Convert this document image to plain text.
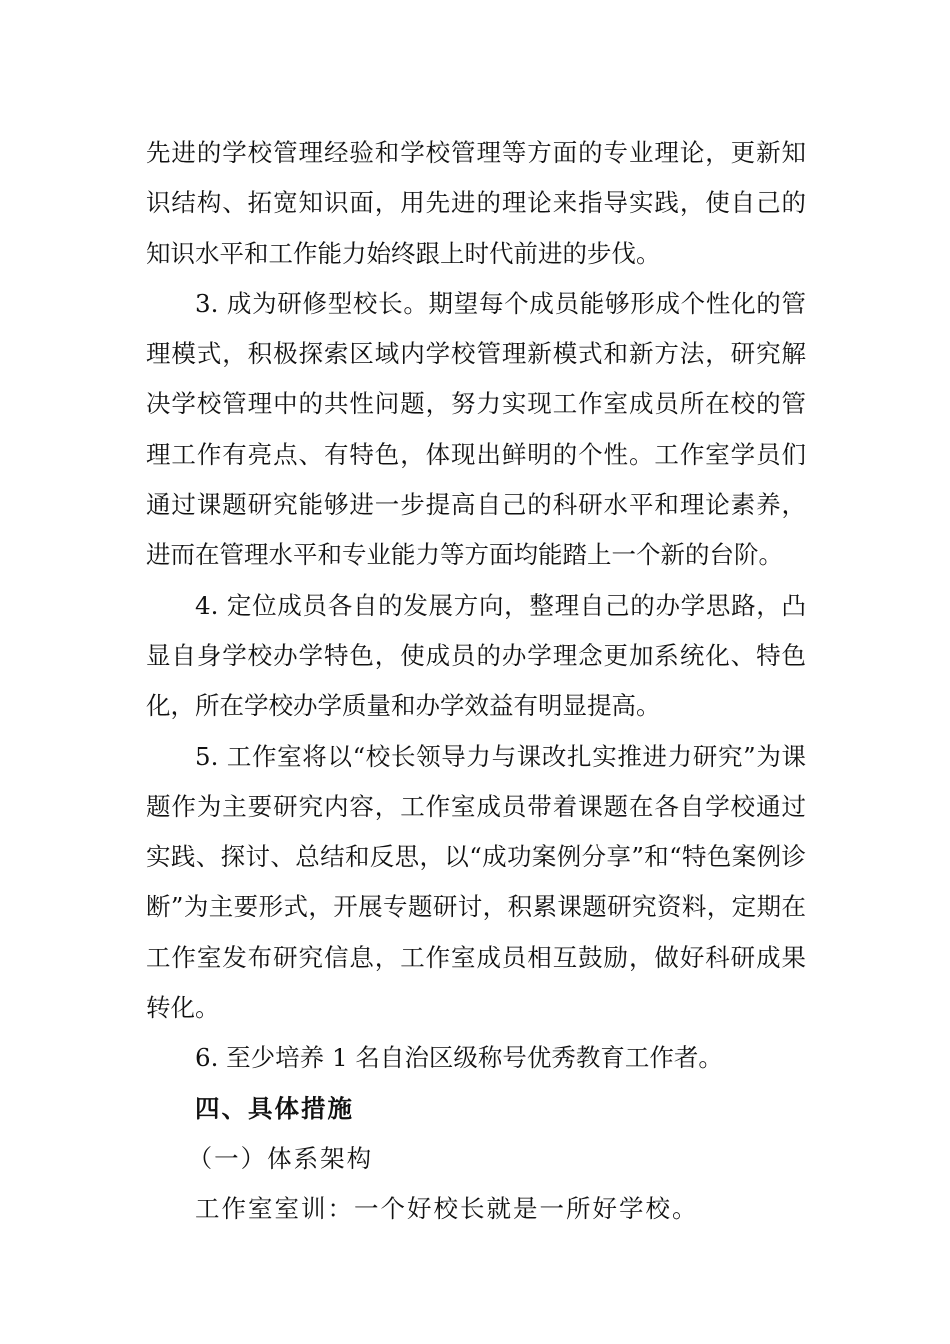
先进的学校管理经验和学校管理等方面的专业理论，更新知识结构、拓宽知识面，用先进的理论来指导实践，使自己的知识水平和工作能力始终跟上时代前进的步伐。

3. 成为研修型校长。期望每个成员能够形成个性化的管理模式，积极探索区域内学校管理新模式和新方法，研究解决学校管理中的共性问题，努力实现工作室成员所在校的管理工作有亮点、有特色，体现出鲜明的个性。工作室学员们通过课题研究能够进一步提高自己的科研水平和理论素养，进而在管理水平和专业能力等方面均能踏上一个新的台阶。

4. 定位成员各自的发展方向，整理自己的办学思路，凸显自身学校办学特色，使成员的办学理念更加系统化、特色化，所在学校办学质量和办学效益有明显提高。

5. 工作室将以“校长领导力与课改扎实推进力研究”为课题作为主要研究内容，工作室成员带着课题在各自学校通过实践、探讨、总结和反思，以“成功案例分享”和“特色案例诊断”为主要形式，开展专题研讨，积累课题研究资料，定期在工作室发布研究信息，工作室成员相互鼓励，做好科研成果转化。

6. 至少培养 1 名自治区级称号优秀教育工作者。

四、具体措施

（一）体系架构

工作室室训：一个好校长就是一所好学校。
